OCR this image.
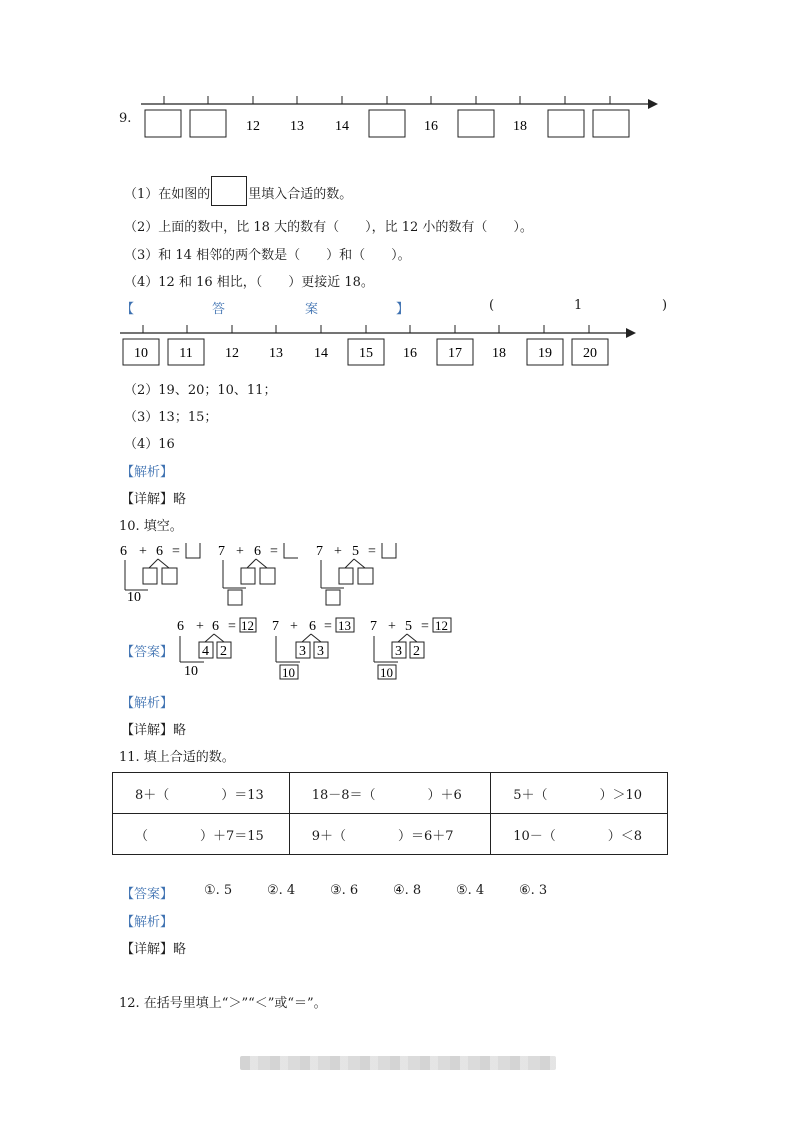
12 13 14	16	18
9.
（1）在如图的	里填入合适的数。
（2）上面的数中，比 18 大的数有（　　），比 12 小的数有（　　）。
（3）和 14 相邻的两个数是（　　）和（　　）。
（4）12 和 16 相比，（　　）更接近 18。
【	答	案	】	(	1	)
10 11 12 13 14 15 16 17 18 19 20
（2）19、20；10、11；
（3）13；15；
（4）16
【解析】
【详解】略
10. 填空。
6 + 6 =	7 + 6 =	7 + 5 =
10
【答案】
6 + 6 = 12
4 2
10
7 + 6 = 13
3 3
10
7 + 5 = 12
3 2
10
【解析】
【详解】略
11. 填上合适的数。
8＋（　　　　）＝13	18－8＝（　　　　）＋6	5＋（　　　　）＞10
（　　　　）＋7＝15	9＋（　　　　）＝6＋7	10－（　　　　）＜8
【答案】 ①. 5	②. 4	③. 6	④. 8	⑤. 4	⑥. 3
【解析】
【详解】略
12. 在括号里填上“＞”“＜”或“＝”。
